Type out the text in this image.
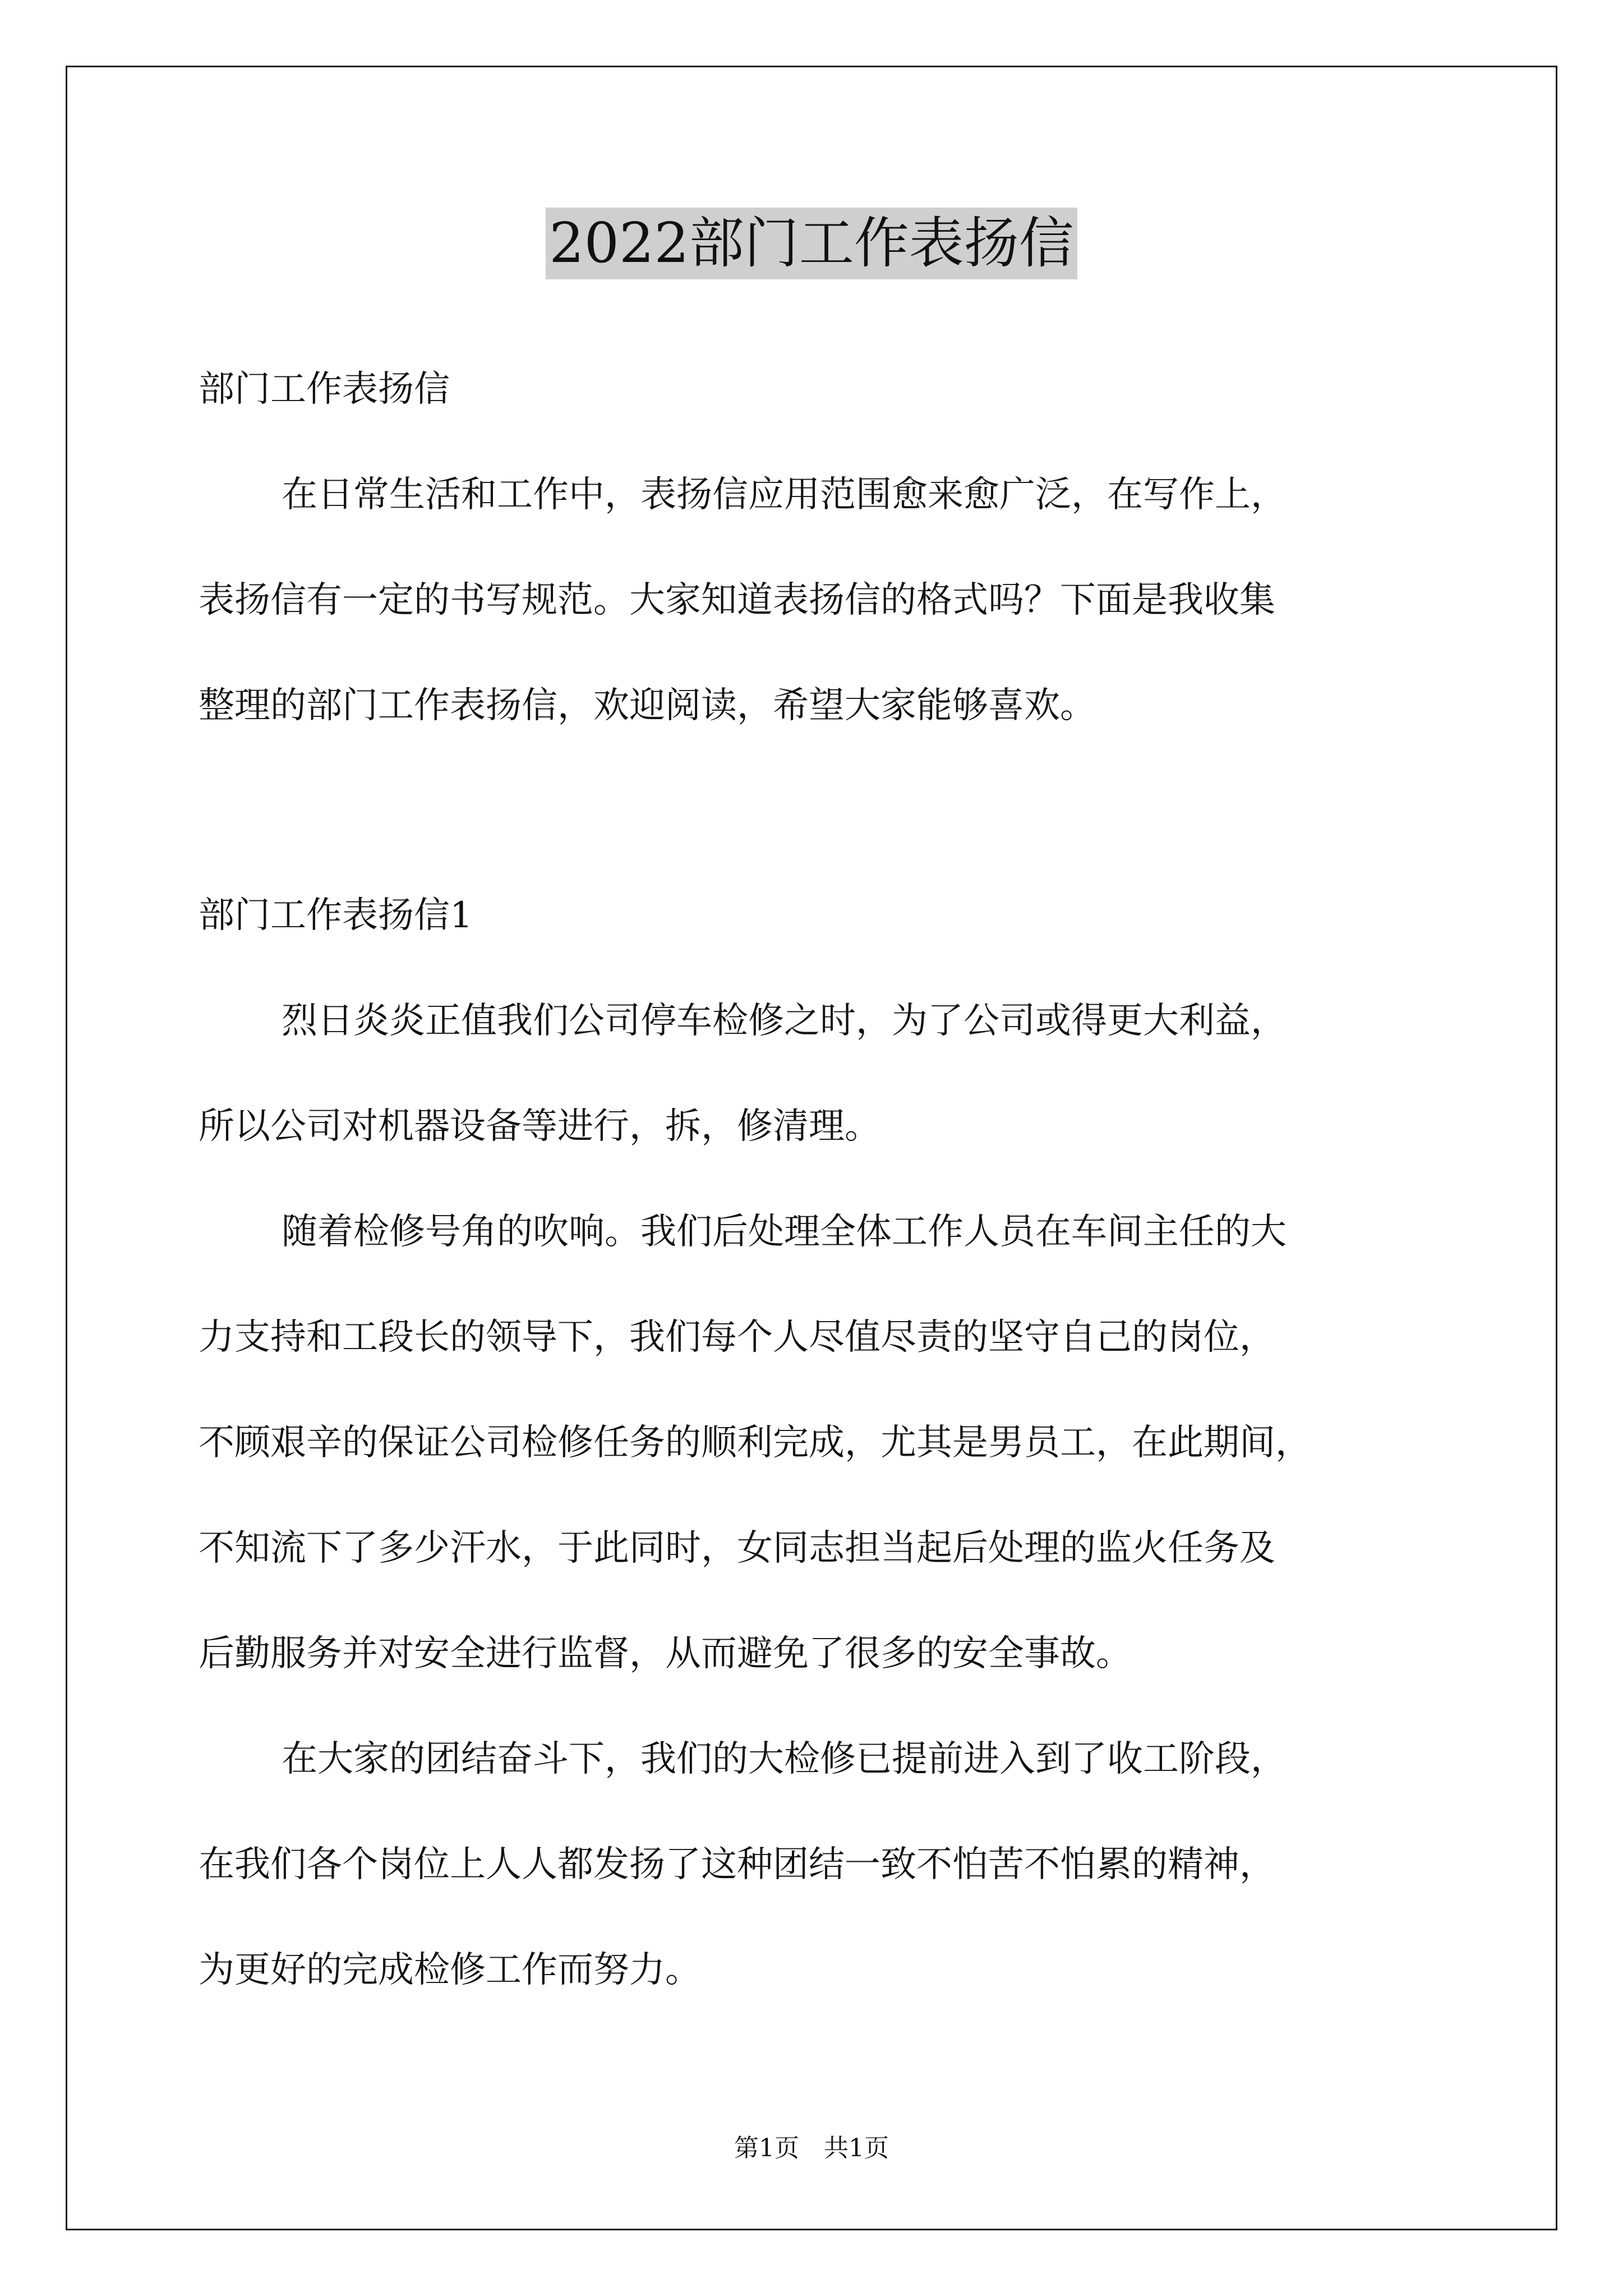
2022部门工作表扬信

部门工作表扬信

在日常生活和工作中，表扬信应用范围愈来愈广泛，在写作上，

表扬信有一定的书写规范。大家知道表扬信的格式吗？下面是我收集

整理的部门工作表扬信，欢迎阅读，希望大家能够喜欢。

部门工作表扬信1

烈日炎炎正值我们公司停车检修之时，为了公司或得更大利益，

所以公司对机器设备等进行，拆，修清理。

随着检修号角的吹响。我们后处理全体工作人员在车间主任的大

力支持和工段长的领导下，我们每个人尽值尽责的坚守自己的岗位，

不顾艰辛的保证公司检修任务的顺利完成，尤其是男员工，在此期间，

不知流下了多少汗水，于此同时，女同志担当起后处理的监火任务及

后勤服务并对安全进行监督，从而避免了很多的安全事故。

在大家的团结奋斗下，我们的大检修已提前进入到了收工阶段，

在我们各个岗位上人人都发扬了这种团结一致不怕苦不怕累的精神，

为更好的完成检修工作而努力。

第1页　共1页
